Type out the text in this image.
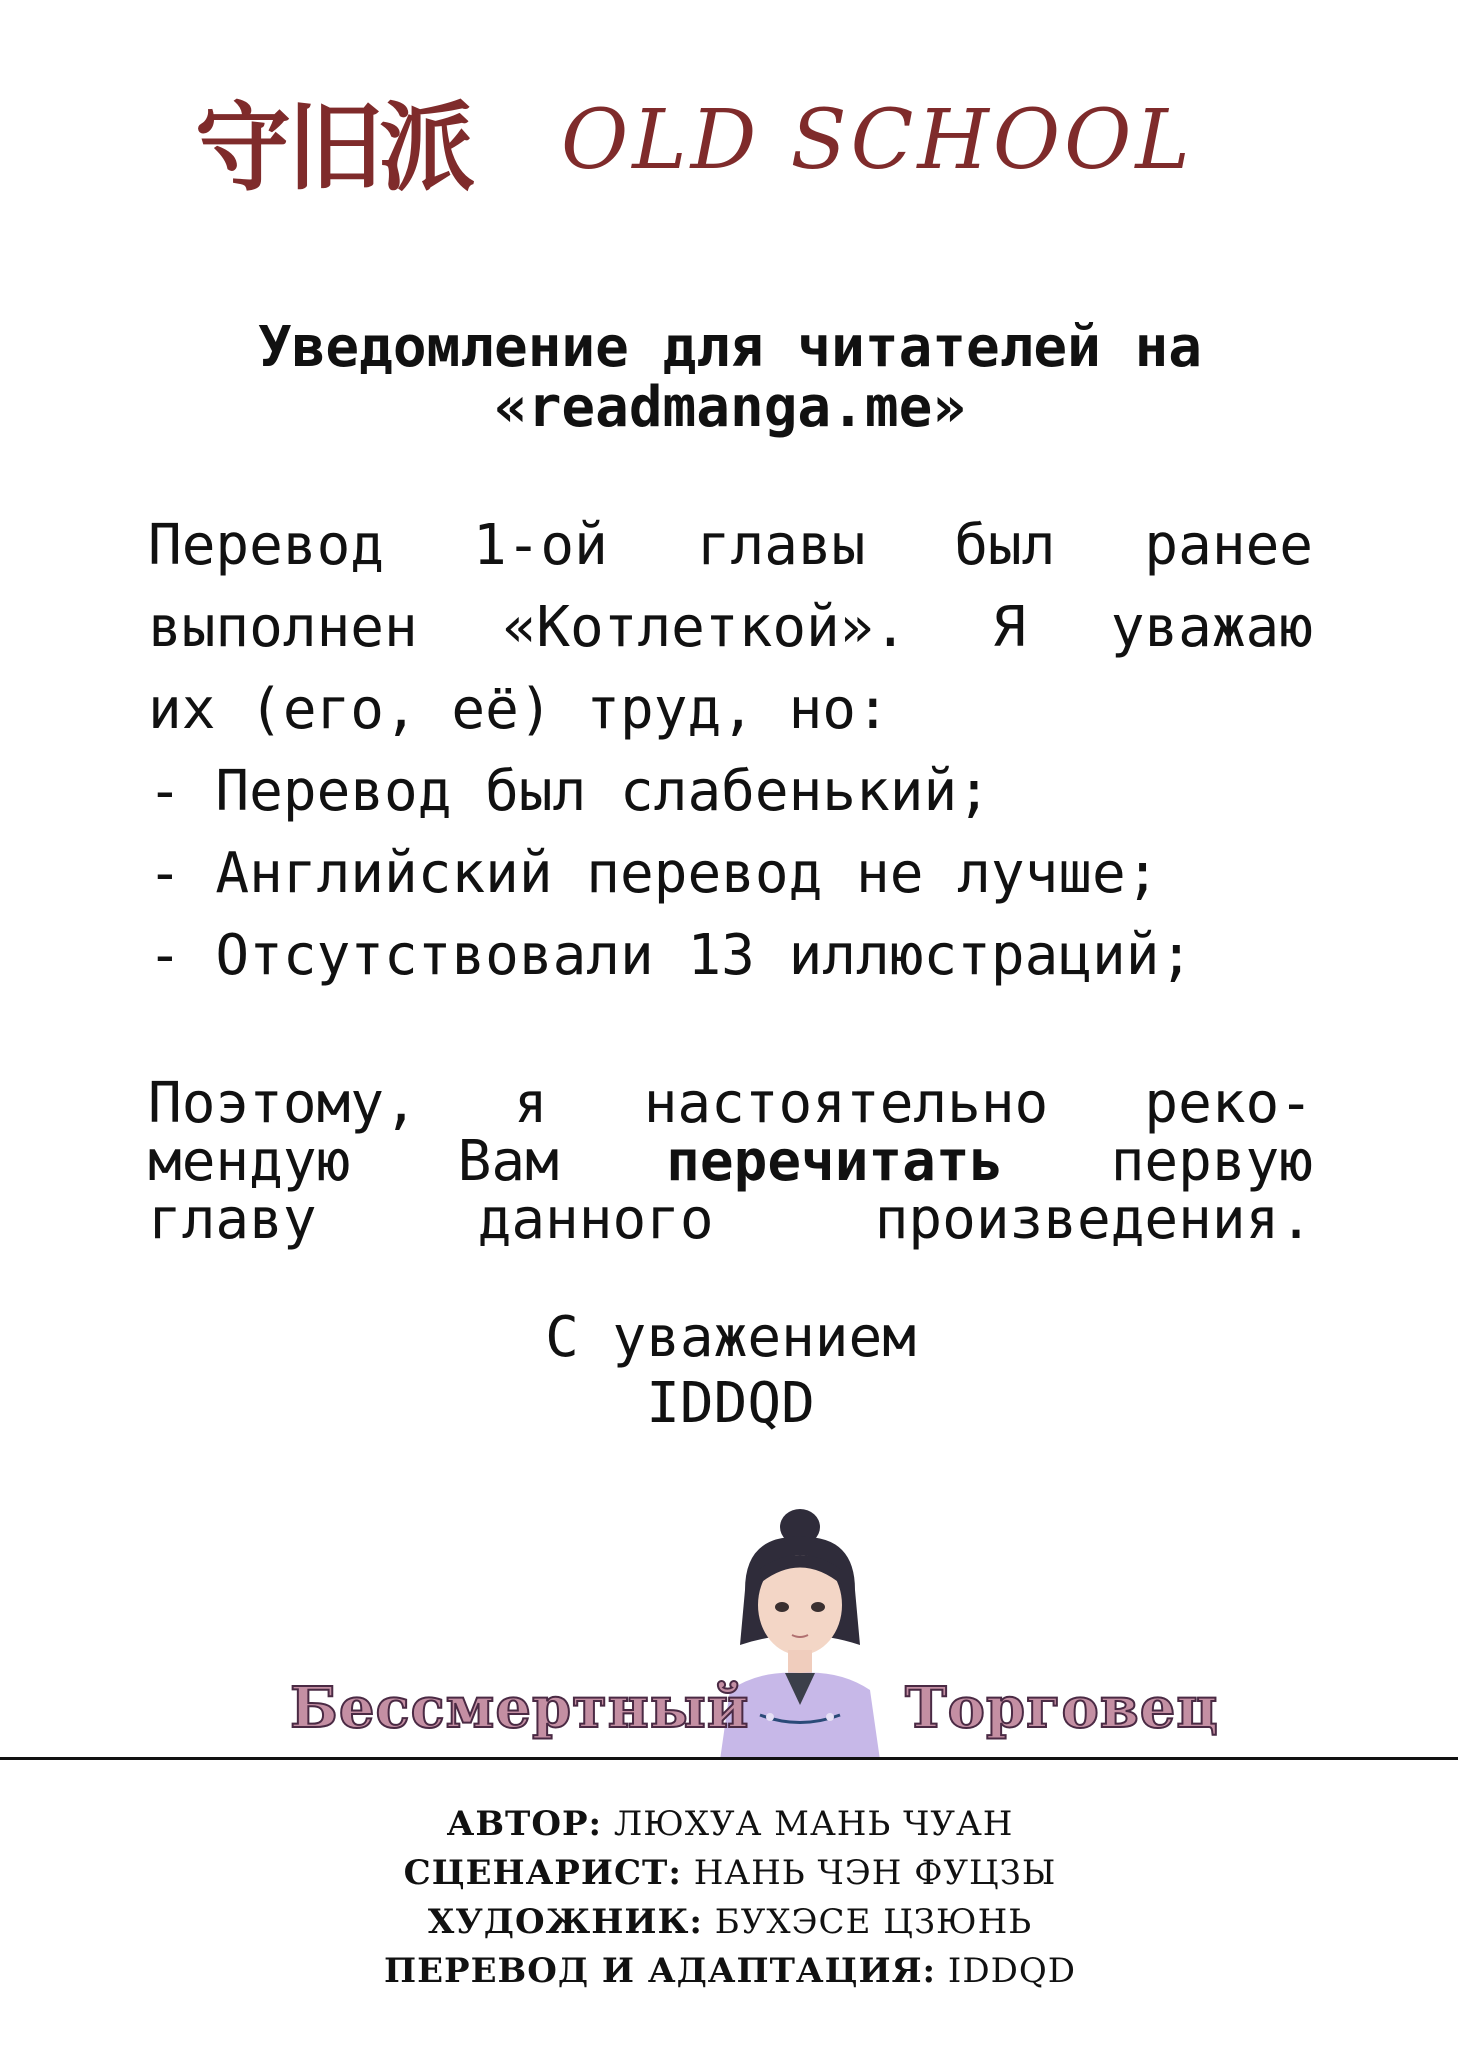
守旧派 OLD SCHOOL
Уведомление для читателей на
«readmanga.me»
Перевод 1-ой главы был ранее
выполнен «Котлеткой». Я уважаю
их (его, её) труд, но:
- Перевод был слабенький;
- Английский перевод не лучше;
- Отсутствовали 13 иллюстраций;
Поэтому, я настоятельно реко-
мендую Вам перечитать первую
главу	данного	произведения.
С уважением
IDDQD
Бессмертный	Торговец
АВТОР: ЛЮХУА МАНЬ ЧУАН
СЦЕНАРИСТ: НАНЬ ЧЭН ФУЦЗЫ
ХУДОЖНИК: БУХЭСЕ ЦЗЮНЬ
ПЕРЕВОД И АДАПТАЦИЯ: IDDQD
